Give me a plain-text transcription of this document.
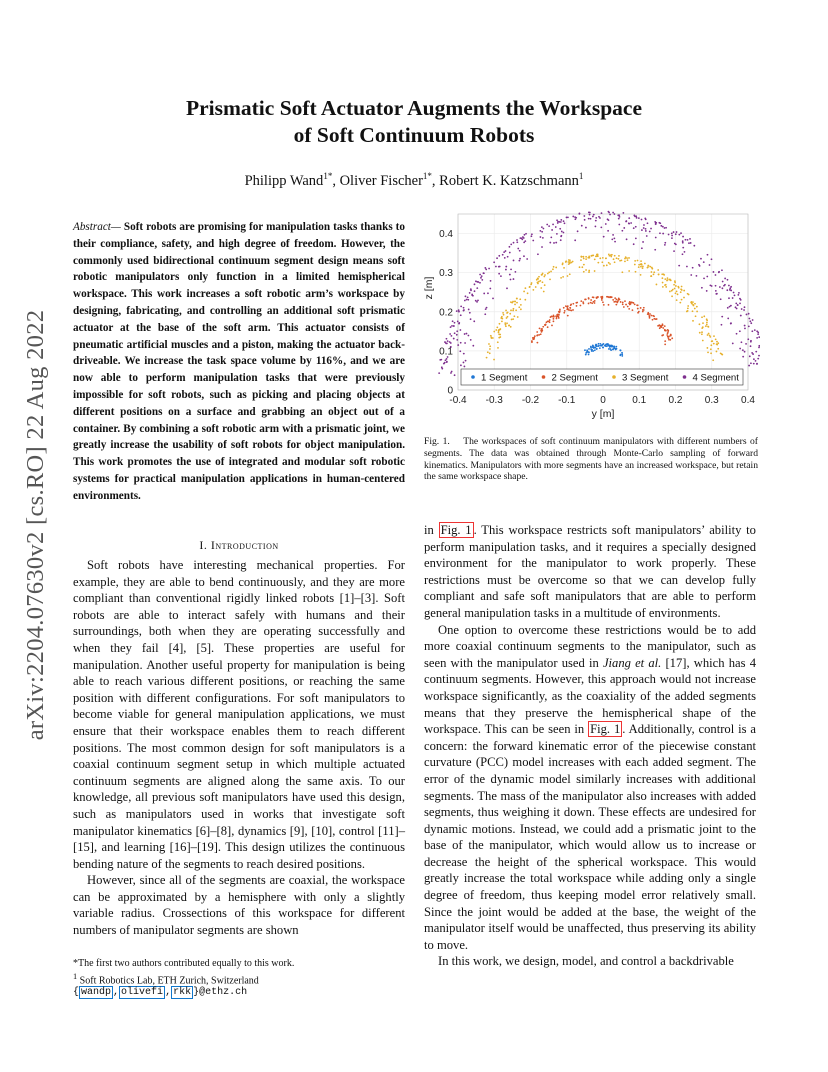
Prismatic Soft Actuator Augments the Workspace
of Soft Continuum Robots
Philipp Wand$^{1*}$, Oliver Fischer$^{1*}$, Robert K. Katzschmann$^1$
arXiv:2204.07630v2 [cs.RO] 22 Aug 2022

Abstract— Soft robots are promising for manipulation tasks thanks to their compliance, safety, and high degree of freedom. However, the commonly used bidirectional continuum segment design means soft robotic manipulators only function in a limited hemispherical workspace. This work increases a soft robotic arm’s workspace by designing, fabricating, and controlling an additional soft prismatic actuator at the base of the soft arm. This actuator consists of pneumatic artificial muscles and a piston, making the actuator back-driveable. We increase the task space volume by 116%, and we are now able to perform manipulation tasks that were previously impossible for soft robots, such as picking and placing objects at different positions on a surface and grabbing an object out of a container. By combining a soft robotic arm with a prismatic joint, we greatly increase the usability of soft robots for object manipulation. This work promotes the use of integrated and modular soft robotic systems for practical manipulation applications in human-centered environments.

I. Introduction

Soft robots have interesting mechanical properties. For example, they are able to bend continuously, and they are more compliant than conventional rigidly linked robots [1]–[3]. Soft robots are able to interact safely with humans and their surroundings, both when they are operating successfully and when they fail [4], [5]. These properties are useful for manipulation. Another useful property for manipulation is being able to reach various different positions, or reaching the same position with different configurations. For soft manipulators to become viable for general manipulation applications, we must ensure that their workspace enables them to reach different positions. The most common design for soft manipulators is a coaxial continuum segment setup in which multiple actuated continuum segments are aligned along the same axis. To our knowledge, all previous soft manipulators have used this design, such as manipulators used in works that investigate soft manipulator kinematics [6]–[8], dynamics [9], [10], control [11]–[15], and learning [16]–[19]. This design utilizes the continuous bending nature of the segments to reach desired positions.

However, since all of the segments are coaxial, the workspace can be approximated by a hemisphere with only a slightly variable radius. Crossections of this workspace for different numbers of manipulator segments are shown

*The first two authors contributed equally to this work.
$^1$ Soft Robotics Lab, ETH Zurich, Switzerland
{ wandp , olivefi , rkk }@ethz.ch
-0.4 -0.3 -0.2 -0.1 0	0.1 0.2 0.3 0.4
0
0.1
0.2
0.3
0.4
y [m]
z [m]
1 Segment	2 Segment	3 Segment	4 Segment
Fig. 1. The workspaces of soft continuum manipulators with different numbers of segments. The data was obtained through Monte-Carlo sampling of forward kinematics. Manipulators with more segments have an increased workspace, but retain the same workspace shape.

in Fig. 1 . This workspace restricts soft manipulators’ ability to perform manipulation tasks, and it requires a specially designed environment for the manipulator to work properly. These restrictions must be overcome so that we can develop fully compliant and safe soft manipulators that are able to perform general manipulation tasks in a multitude of environments.

One option to overcome these restrictions would be to add more coaxial continuum segments to the manipulator, such as seen with the manipulator used in Jiang et al. [17], which has 4 continuum segments. However, this approach would not increase workspace significantly, as the coaxiality of the added segments means that they preserve the hemispherical shape of the workspace. This can be seen in Fig. 1 . Additionally, control is a concern: the forward kinematic error of the piecewise constant curvature (PCC) model increases with each added segment. The error of the dynamic model similarly increases with additional segments. The mass of the manipulator also increases with added segments, thus weighing it down. These effects are undesired for dynamic motions. Instead, we could add a prismatic joint to the base of the manipulator, which would allow us to increase or decrease the height of the spherical workspace. This would greatly increase the total workspace while adding only a single degree of freedom, thus keeping model error relatively small. Since the joint would be added at the base, the weight of the manipulator itself would be unaffected, thus preserving its ability to move.

In this work, we design, model, and control a backdrivable
